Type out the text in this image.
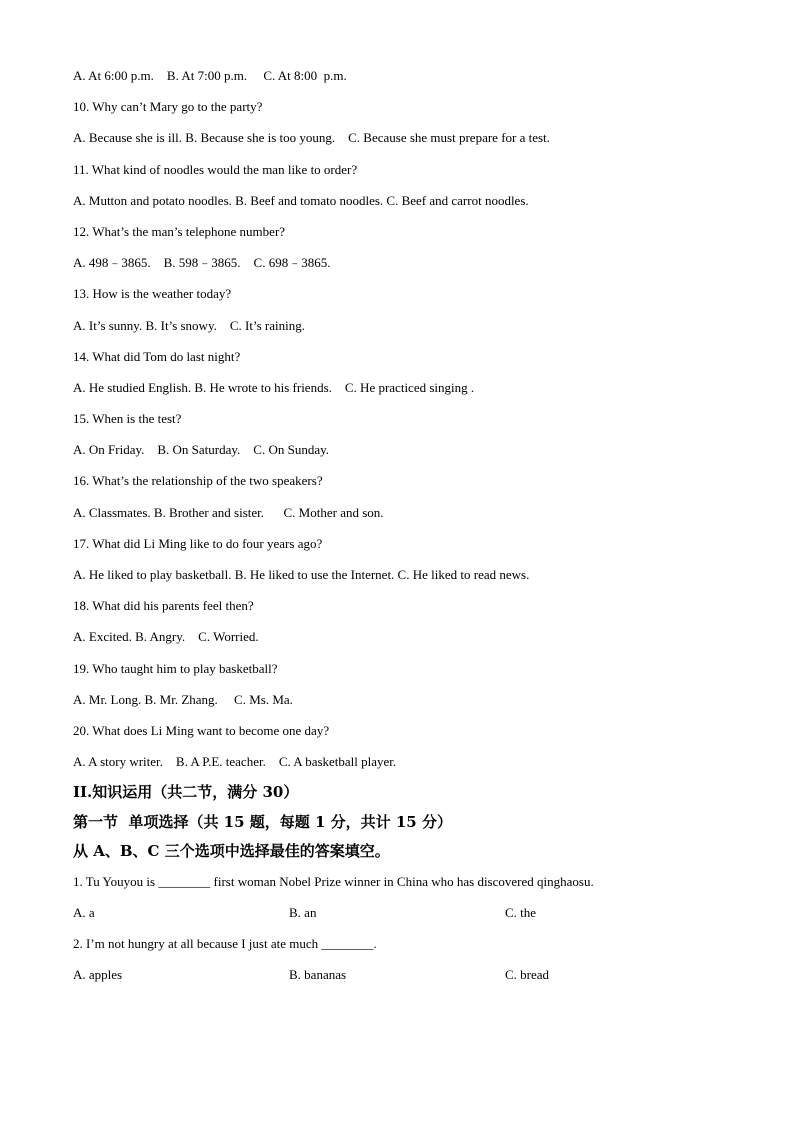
A. At 6:00 p.m.    B. At 7:00 p.m.     C. At 8:00  p.m.
10. Why can’t Mary go to the party?
A. Because she is ill. B. Because she is too young.    C. Because she must prepare for a test.
11. What kind of noodles would the man like to order?
A. Mutton and potato noodles. B. Beef and tomato noodles. C. Beef and carrot noodles.
12. What’s the man’s telephone number?
A. 498﹣3865.    B. 598﹣3865.    C. 698﹣3865.
13. How is the weather today?
A. It’s sunny. B. It’s snowy.    C. It’s raining.
14. What did Tom do last night?
A. He studied English. B. He wrote to his friends.    C. He practiced singing .
15. When is the test?
A. On Friday.    B. On Saturday.    C. On Sunday.
16. What’s the relationship of the two speakers?
A. Classmates. B. Brother and sister.      C. Mother and son.
17. What did Li Ming like to do four years ago?
A. He liked to play basketball. B. He liked to use the Internet. C. He liked to read news.
18. What did his parents feel then?
A. Excited. B. Angry.    C. Worried.
19. Who taught him to play basketball?
A. Mr. Long. B. Mr. Zhang.     C. Ms. Ma.
20. What does Li Ming want to become one day?
A. A story writer.    B. A P.E. teacher.    C. A basketball player.
II.知识运用（共二节，满分 30）
第一节  单项选择（共 15 题，每题 1 分，共计 15 分）
从 A、B、C 三个选项中选择最佳的答案填空。
1. Tu Youyou is ________ first woman Nobel Prize winner in China who has discovered qinghaosu.
A. a	B. an	C. the
2. I’m not hungry at all because I just ate much ________.
A. apples	B. bananas	C. bread
